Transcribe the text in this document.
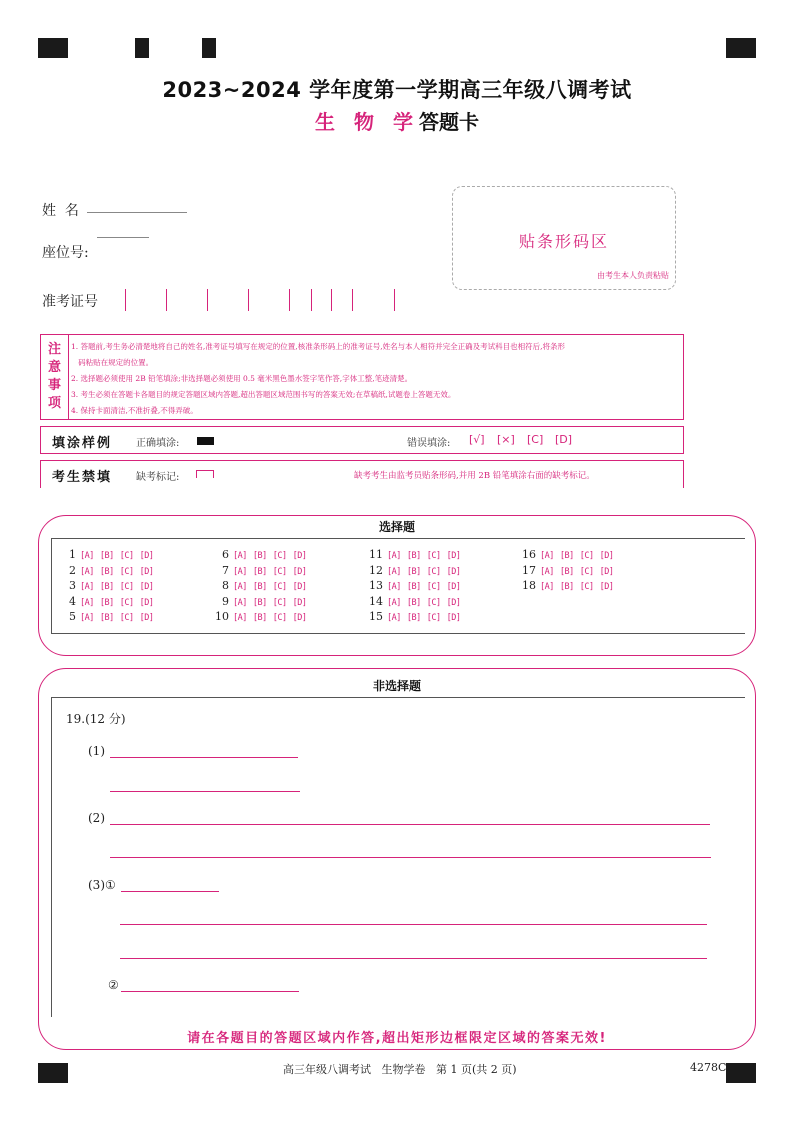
2023~2024 学年度第一学期高三年级八调考试
生 物 学答题卡
姓  名
座位号:
准考证号
贴条形码区
由考生本人负责粘贴
注
意
事
项
1. 答题前,考生务必清楚地将自己的姓名,准考证号填写在规定的位置,核准条形码上的准考证号,姓名与本人相符并完全正确及考试科目也相符后,将条形
码粘贴在规定的位置。
2. 选择题必须使用 2B 铅笔填涂;非选择题必须使用 0.5 毫米黑色墨水签字笔作答,字体工整,笔迹清楚。
3. 考生必须在答题卡各题目的规定答题区域内答题,超出答题区域范围书写的答案无效;在草稿纸,试题卷上答题无效。
4. 保持卡面清洁,不准折叠,不得弄破。
填涂样例 正确填涂:	错误填涂: [√] [×] [C] [D]
考生禁填 缺考标记:	缺考考生由监考员贴条形码,并用 2B 铅笔填涂右面的缺考标记。
选择题
1 [A] [B] [C] [D]
2 [A] [B] [C] [D]
3 [A] [B] [C] [D]
4 [A] [B] [C] [D]
5 [A] [B] [C] [D]
6 [A] [B] [C] [D]
7 [A] [B] [C] [D]
8 [A] [B] [C] [D]
9 [A] [B] [C] [D]
10 [A] [B] [C] [D]
11 [A] [B] [C] [D]
12 [A] [B] [C] [D]
13 [A] [B] [C] [D]
14 [A] [B] [C] [D]
15 [A] [B] [C] [D]
16 [A] [B] [C] [D]
17 [A] [B] [C] [D]
18 [A] [B] [C] [D]
非选择题
19.(12 分)
(1)
(2)
(3)①
②
请在各题目的答题区域内作答,超出矩形边框限定区域的答案无效!
高三年级八调考试   生物学卷   第 1 页(共 2 页)	4278C
